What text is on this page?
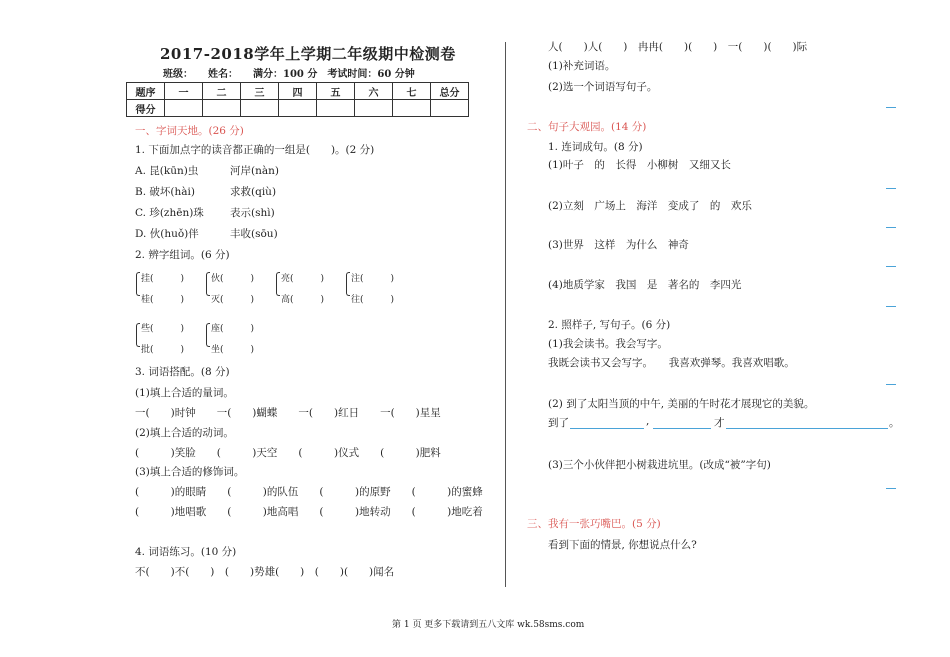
2017-2018学年上学期二年级期中检测卷
班级：　　姓名：　　满分：100 分　考试时间：60 分钟
题序	一	二	三	四	五	六	七	总分
得分								
一、字词天地。(26 分)
1. 下面加点字的读音都正确的一组是(　　)。(2 分)
A. 昆(kūn)虫	河岸(nàn)
B. 破坏(hài)	求救(qiù)
C. 珍(zhēn)珠 表示(shì)
D. 伙(huǒ)伴	丰收(sōu)
2. 辨字组词。(6 分)
挂(　　　)
桂(　　　)
伙(　　　)
灭(　　　)
亮(　　　)
高(　　　)
注(　　　)
往(　　　)
些(　　　)
批(　　　)
座(　　　)
坐(　　　)
3. 词语搭配。(8 分)
(1)填上合适的量词。
一(　　)时钟　　一(　　)蝴蝶　　一(　　)红日　　一(　　)星星
(2)填上合适的动词。
(　　　)笑脸　　(　　　)天空　　(　　　)仪式　　(　　　)肥料
(3)填上合适的修饰词。
(　　　)的眼睛　　(　　　)的队伍　　(　　　)的原野　　(　　　)的蜜蜂
(　　　)地唱歌　　(　　　)地高唱　　(　　　)地转动　　(　　　)地吃着
4. 词语练习。(10 分)
不(　　)不(　　)　(　　)势雄(　　)　(　　)(　　)闻名
人(　　)人(　　)　冉冉(　　)(　　)　一(　　)(　　)际
(1)补充词语。
(2)选一个词语写句子。
二、句子大观园。(14 分)
1. 连词成句。(8 分)
(1)叶子　的　长得　小柳树　又细又长
(2)立刻　广场上　海洋　变成了　的　欢乐
(3)世界　这样　为什么　神奇
(4)地质学家　我国　是　著名的　李四光
2. 照样子, 写句子。(6 分)
(1)我会读书。我会写字。
我既会读书又会写字。　　我喜欢弹琴。我喜欢唱歌。
(2) 到了太阳当顶的中午, 美丽的午时花才展现它的美貌。
到了	,	才	。
(3)三个小伙伴把小树栽进坑里。(改成“被”字句)
三、我有一张巧嘴巴。(5 分)
看到下面的情景, 你想说点什么?
第 1 页 更多下载请到五八文库 wk.58sms.com
